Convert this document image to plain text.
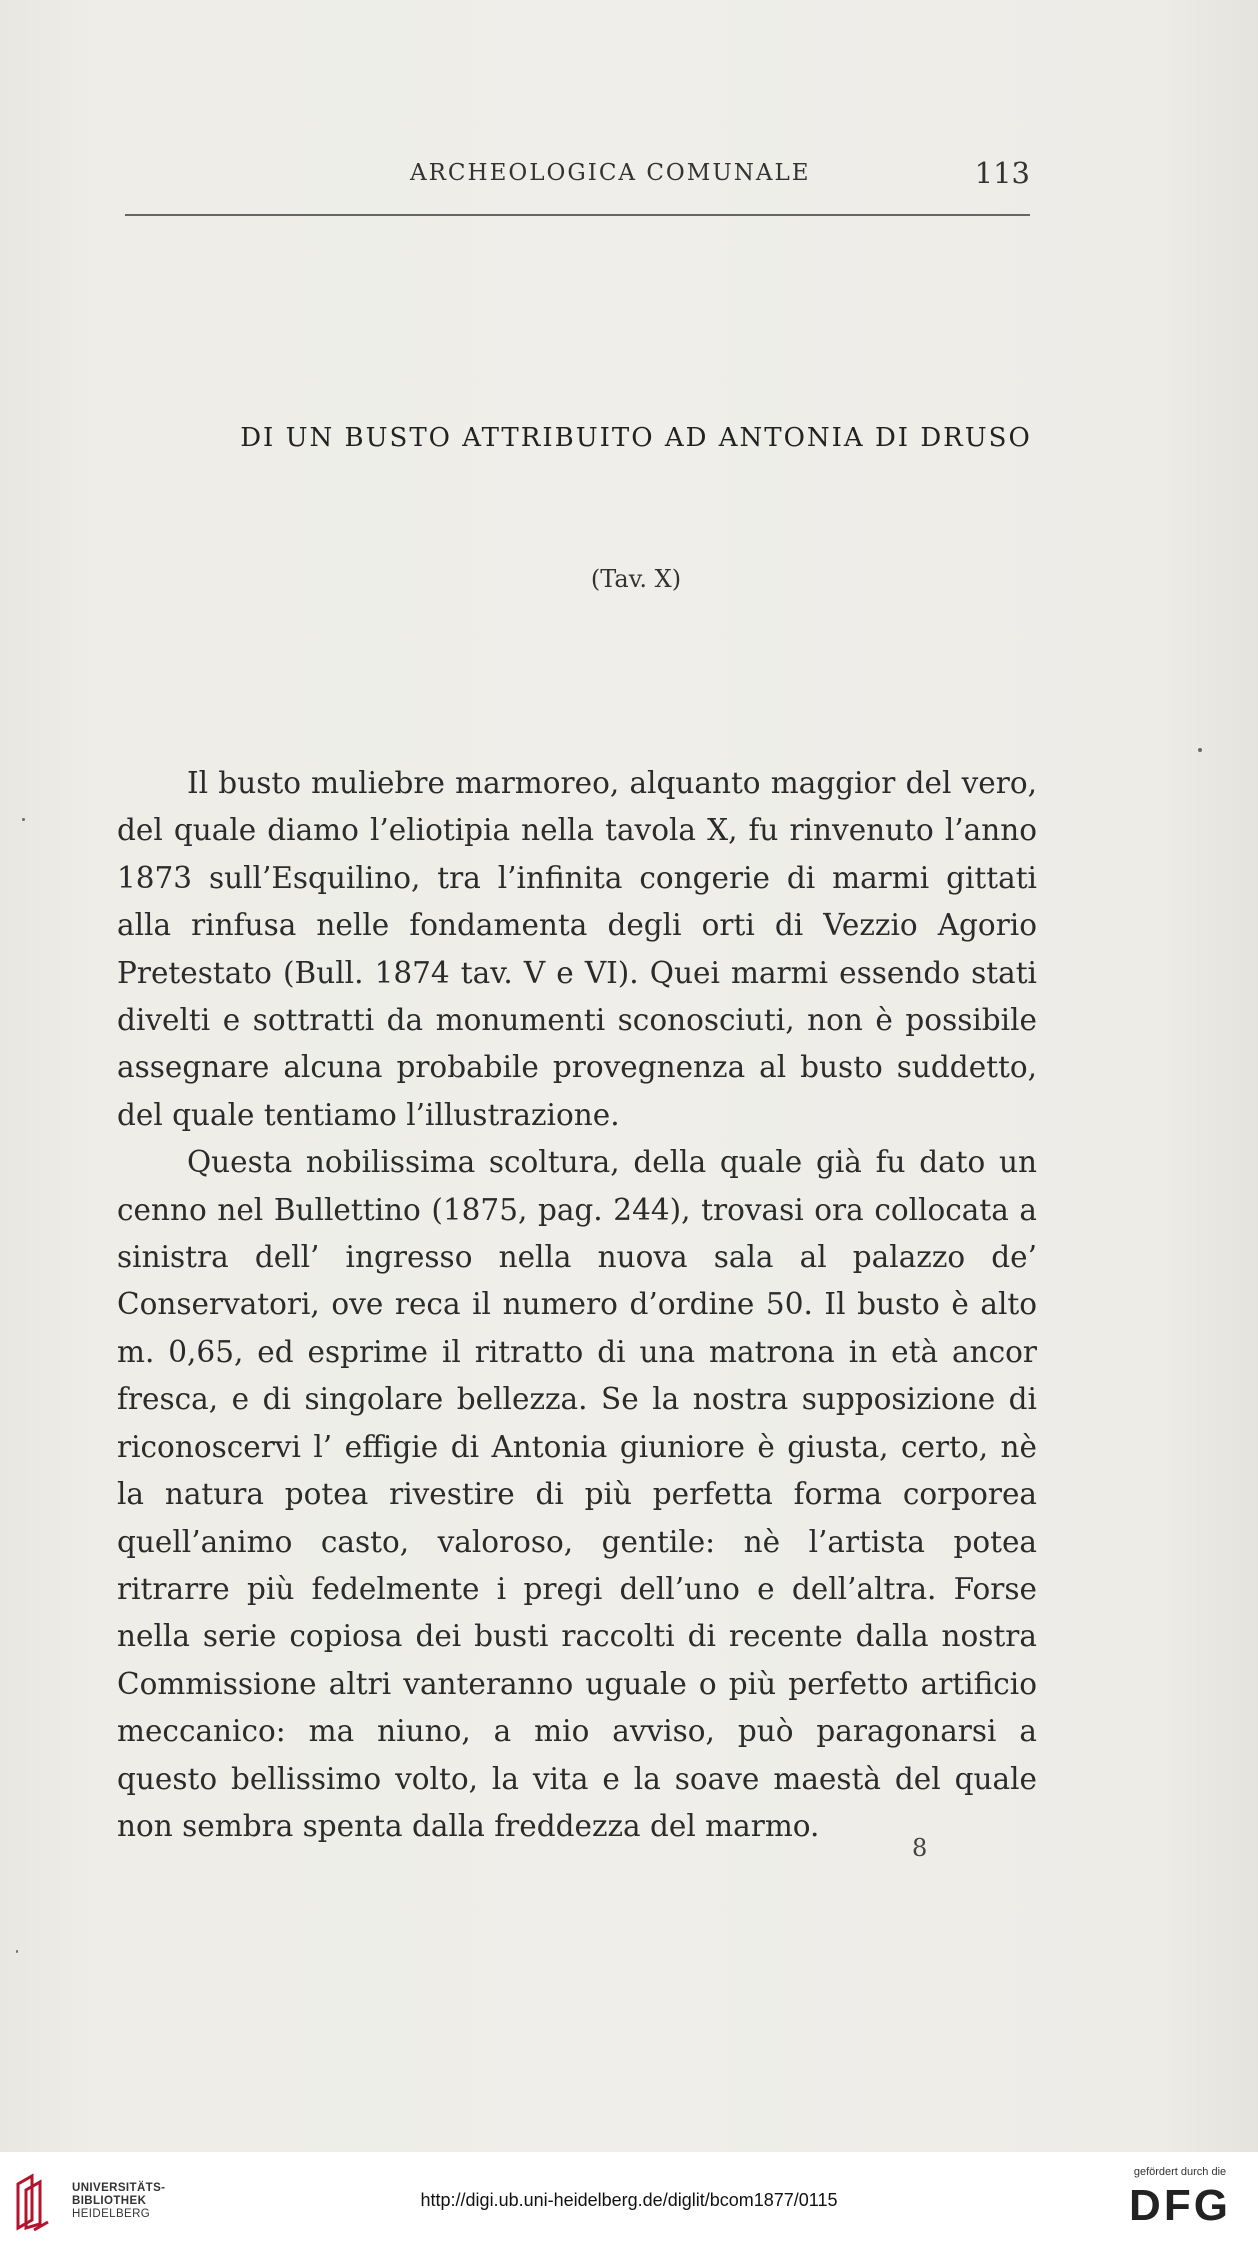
ARCHEOLOGICA COMUNALE	113
DI UN BUSTO ATTRIBUITO AD ANTONIA DI DRUSO
(Tav. X)

Il busto muliebre marmoreo, alquanto maggior del vero, del quale diamo l’eliotipia nella tavola X, fu rinvenuto l’anno 1873 sull’Esquilino, tra l’infinita congerie di marmi gittati alla rinfusa nelle fondamenta degli orti di Vezzio Agorio Pretestato (Bull. 1874 tav. V e VI). Quei marmi essendo stati divelti e sottratti da monumenti sconosciuti, non è possibile assegnare alcuna probabile provegnenza al busto suddetto, del quale tentiamo l’illustrazione.

Questa nobilissima scoltura, della quale già fu dato un cenno nel Bullettino (1875, pag. 244), trovasi ora collocata a sinistra dell’ ingresso nella nuova sala al palazzo de’ Conservatori, ove reca il numero d’ordine 50. Il busto è alto m. 0,65, ed esprime il ritratto di una matrona in età ancor fresca, e di singolare bellezza. Se la nostra supposizione di riconoscervi l’ effigie di Antonia giuniore è giusta, certo, nè la natura potea rivestire di più perfetta forma corporea quell’animo casto, valoroso, gentile: nè l’artista potea ritrarre più fedelmente i pregi dell’uno e dell’altra. Forse nella serie copiosa dei busti raccolti di recente dalla nostra Commissione altri vanteranno uguale o più perfetto artificio meccanico: ma niuno, a mio avviso, può paragonarsi a questo bellissimo volto, la vita e la soave maestà del quale non sembra spenta dalla freddezza del marmo.

8
UNIVERSITÄTS-
BIBLIOTHEK
HEIDELBERG
http://digi.ub.uni-heidelberg.de/diglit/bcom1877/0115
gefördert durch die
DFG
